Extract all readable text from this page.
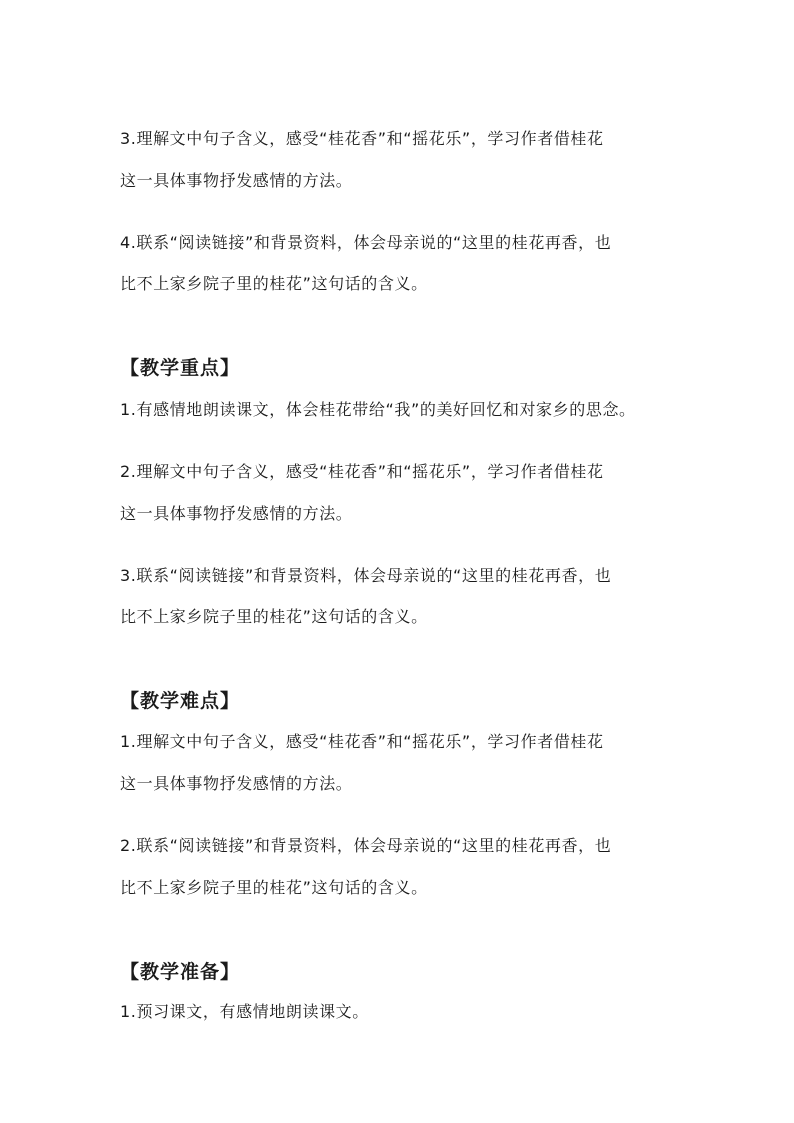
3.理解文中句子含义，感受“桂花香”和“摇花乐”，学习作者借桂花
这一具体事物抒发感情的方法。
4.联系“阅读链接”和背景资料，体会母亲说的“这里的桂花再香，也
比不上家乡院子里的桂花”这句话的含义。
【教学重点】
1.有感情地朗读课文，体会桂花带给“我”的美好回忆和对家乡的思念。
2.理解文中句子含义，感受“桂花香”和“摇花乐”，学习作者借桂花
这一具体事物抒发感情的方法。
3.联系“阅读链接”和背景资料，体会母亲说的“这里的桂花再香，也
比不上家乡院子里的桂花”这句话的含义。
【教学难点】
1.理解文中句子含义，感受“桂花香”和“摇花乐”，学习作者借桂花
这一具体事物抒发感情的方法。
2.联系“阅读链接”和背景资料，体会母亲说的“这里的桂花再香，也
比不上家乡院子里的桂花”这句话的含义。
【教学准备】
1.预习课文，有感情地朗读课文。
